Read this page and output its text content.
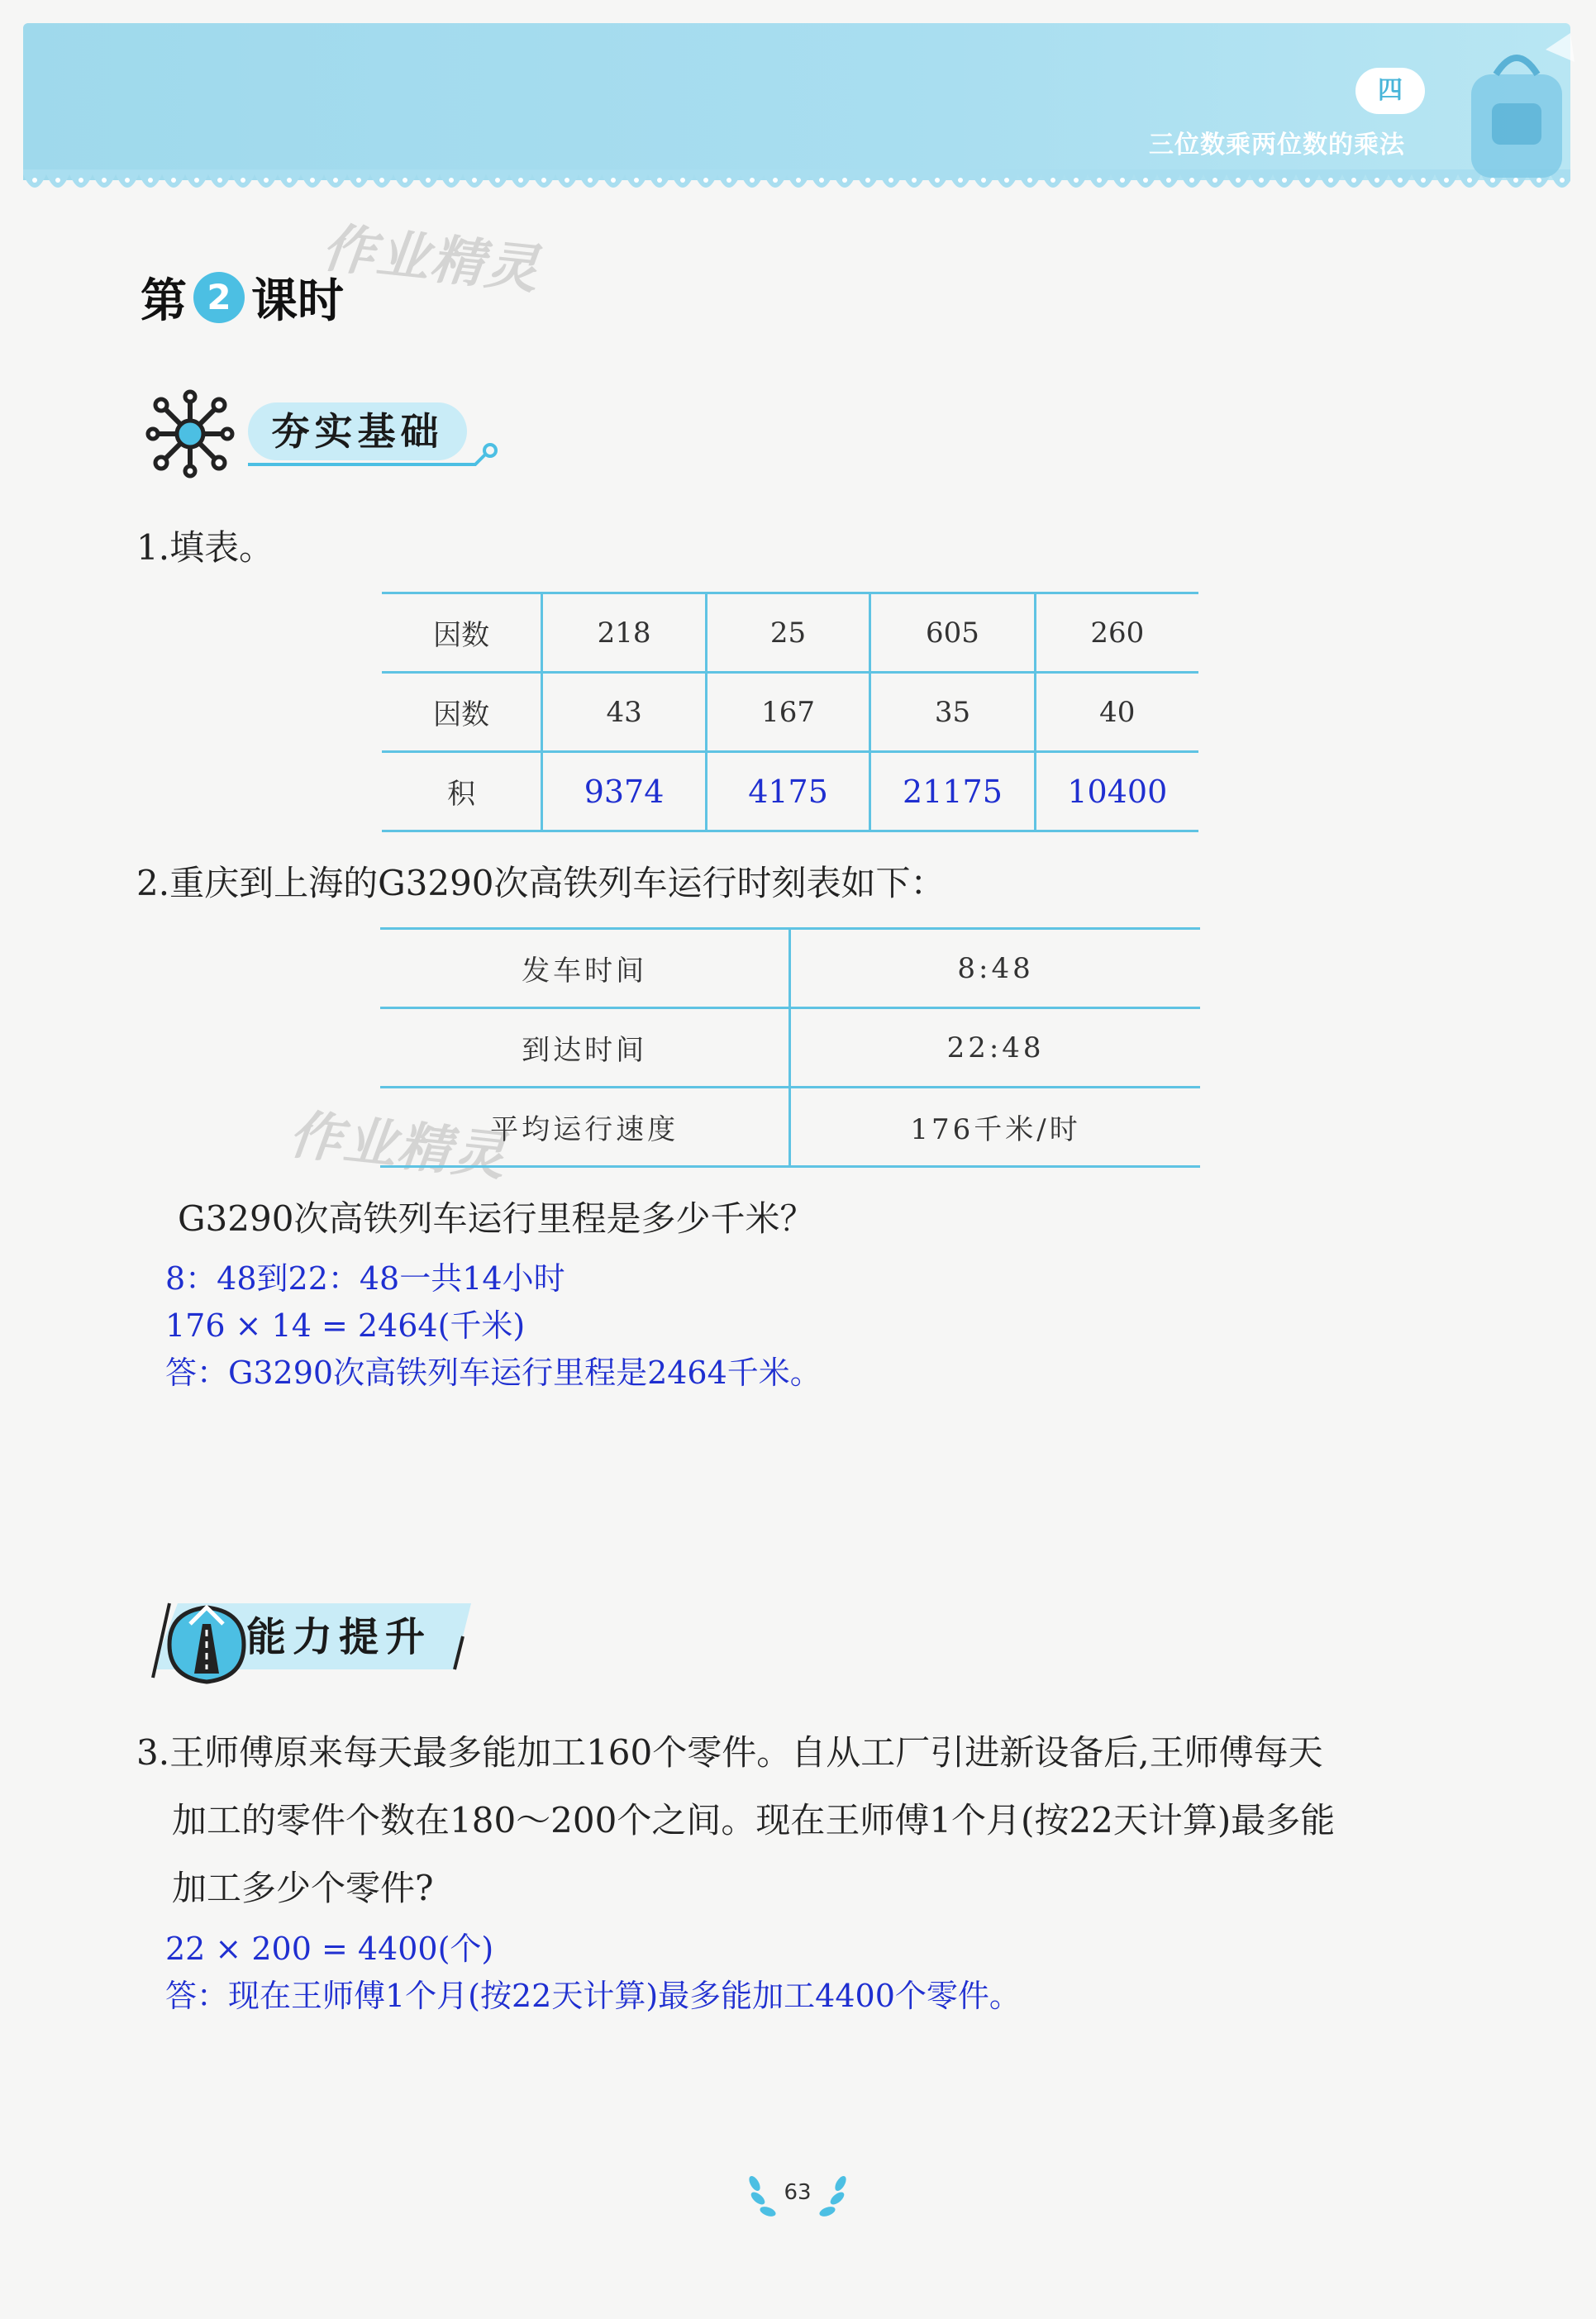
四
三位数乘两位数的乘法
作业精灵
作业精灵
第 2 课时
夯实基础
1.填表。
因数	218	25	605	260
因数	43	167	35	40
积	9374	4175	21175	10400
2.重庆到上海的G3290次高铁列车运行时刻表如下：
发车时间	8:48
到达时间	22:48
平均运行速度	176千米/时
G3290次高铁列车运行里程是多少千米？
8：48到22：48一共14小时
176 × 14 = 2464(千米)
答：G3290次高铁列车运行里程是2464千米。
能力提升
3.王师傅原来每天最多能加工160个零件。自从工厂引进新设备后,王师傅每天
加工的零件个数在180～200个之间。现在王师傅1个月(按22天计算)最多能
加工多少个零件?
22 × 200 = 4400(个)
答：现在王师傅1个月(按22天计算)最多能加工4400个零件。
63
